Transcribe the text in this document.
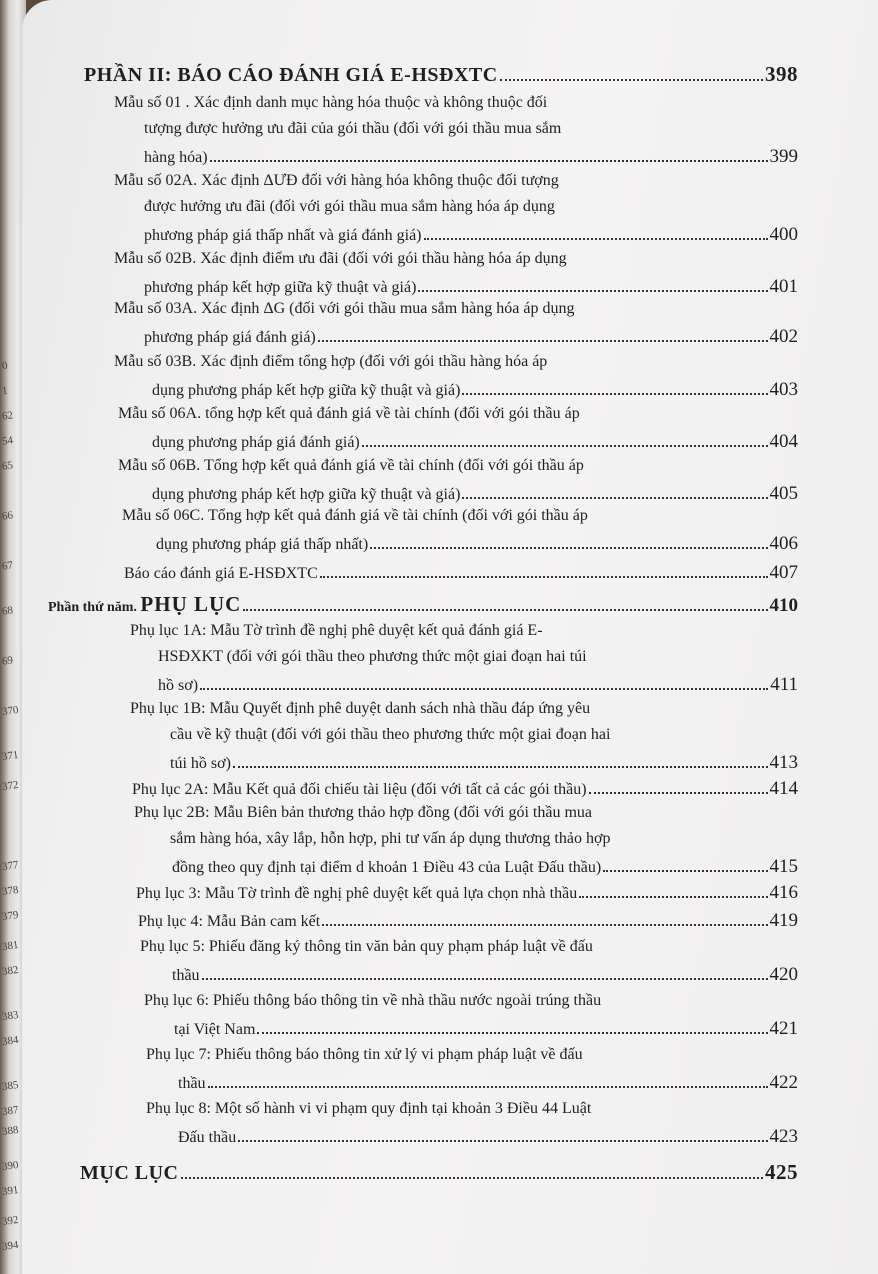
0
1
62
54
65
66
67
68
69
370
371
372
377
378
379
381
382
383
384
385
387
388
390
391
392
394
PHẦN II: BÁO CÁO ĐÁNH GIÁ E-HSĐXTC	398
Mẫu số 01 . Xác định danh mục hàng hóa thuộc và không thuộc đối
tượng được hưởng ưu đãi của gói thầu (đối với gói thầu mua sắm
hàng hóa)	399
Mẫu số 02A. Xác định ΔƯĐ đối với hàng hóa không thuộc đối tượng
được hưởng ưu đãi (đối với gói thầu mua sắm hàng hóa áp dụng
phương pháp giá thấp nhất và giá đánh giá)	400
Mẫu số 02B. Xác định điểm ưu đãi (đối với gói thầu hàng hóa áp dụng
phương pháp kết hợp giữa kỹ thuật và giá)	401
Mẫu số 03A. Xác định ΔG (đối với gói thầu mua sắm hàng hóa áp dụng
phương pháp giá đánh giá)	402
Mẫu số 03B. Xác định điểm tổng hợp (đối với gói thầu hàng hóa áp
dụng phương pháp kết hợp giữa kỹ thuật và giá)	403
Mẫu số 06A. tổng hợp kết quả đánh giá về tài chính (đối với gói thầu áp
dụng phương pháp giá đánh giá)	404
Mẫu số 06B. Tổng hợp kết quả đánh giá về tài chính (đối với gói thầu áp
dụng phương pháp kết hợp giữa kỹ thuật và giá)	405
Mẫu số 06C. Tổng hợp kết quả đánh giá về tài chính (đối với gói thầu áp
dụng phương pháp giá thấp nhất)	406
Báo cáo đánh giá E-HSĐXTC	407
Phần thứ năm. PHỤ LỤC	410
Phụ lục 1A: Mẫu Tờ trình đề nghị phê duyệt kết quả đánh giá E-
HSĐXKT (đối với gói thầu theo phương thức một giai đoạn hai túi
hồ sơ)	411
Phụ lục 1B: Mẫu Quyết định phê duyệt danh sách nhà thầu đáp ứng yêu
cầu về kỹ thuật (đối với gói thầu theo phương thức một giai đoạn hai
túi hồ sơ)	413
Phụ lục 2A: Mẫu Kết quả đối chiếu tài liệu (đối với tất cả các gói thầu)	414
Phụ lục 2B: Mẫu Biên bản thương thảo hợp đồng (đối với gói thầu mua
sắm hàng hóa, xây lắp, hỗn hợp, phi tư vấn áp dụng thương thảo hợp
đồng theo quy định tại điểm d khoản 1 Điều 43 của Luật Đấu thầu)	415
Phụ lục 3: Mẫu Tờ trình đề nghị phê duyệt kết quả lựa chọn nhà thầu	416
Phụ lục 4: Mẫu Bản cam kết	419
Phụ lục 5: Phiếu đăng ký thông tin văn bản quy phạm pháp luật về đấu
thầu	420
Phụ lục 6: Phiếu thông báo thông tin về nhà thầu nước ngoài trúng thầu
tại Việt Nam	421
Phụ lục 7: Phiếu thông báo thông tin xử lý vi phạm pháp luật về đấu
thầu	422
Phụ lục 8: Một số hành vi vi phạm quy định tại khoản 3 Điều 44 Luật
Đấu thầu	423
MỤC LỤC	425
